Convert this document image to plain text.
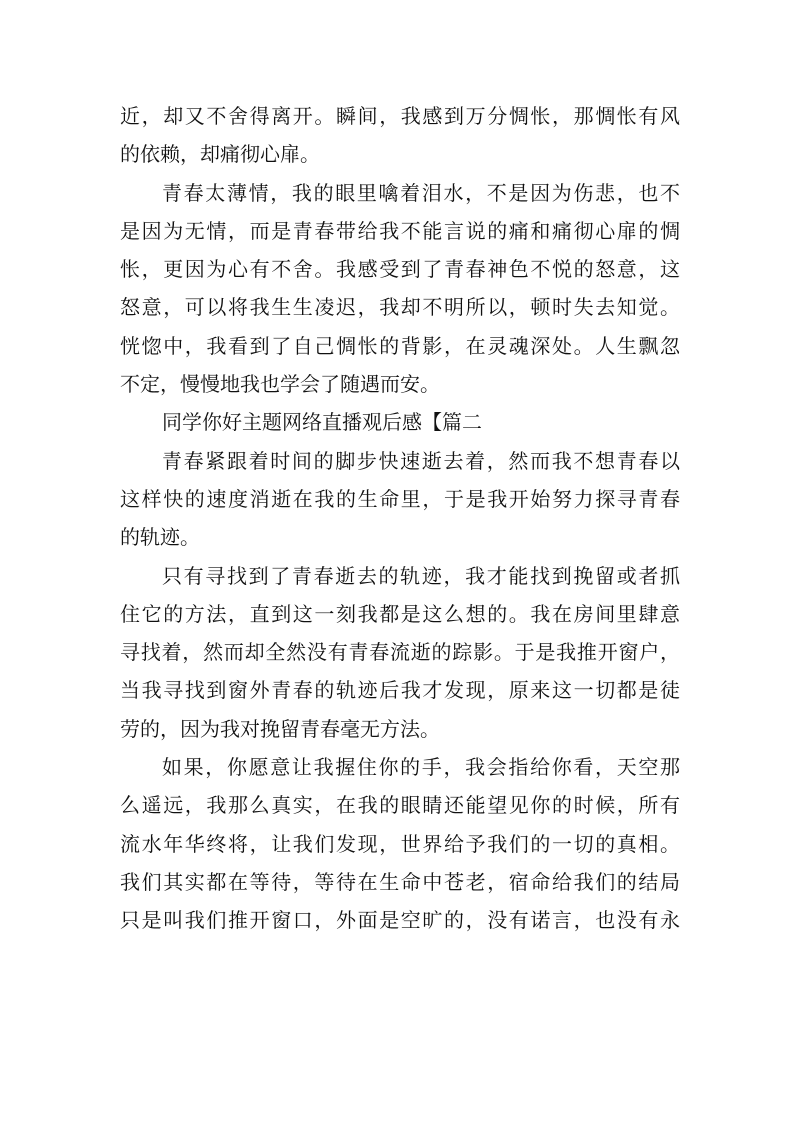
近，却又不舍得离开。瞬间，我感到万分惆怅，那惆怅有风
的依赖，却痛彻心扉。
青春太薄情，我的眼里噙着泪水，不是因为伤悲，也不
是因为无情，而是青春带给我不能言说的痛和痛彻心扉的惆
怅，更因为心有不舍。我感受到了青春神色不悦的怒意，这
怒意，可以将我生生凌迟，我却不明所以，顿时失去知觉。
恍惚中，我看到了自己惆怅的背影，在灵魂深处。人生飘忽
不定，慢慢地我也学会了随遇而安。
同学你好主题网络直播观后感【篇二
青春紧跟着时间的脚步快速逝去着，然而我不想青春以
这样快的速度消逝在我的生命里，于是我开始努力探寻青春
的轨迹。
只有寻找到了青春逝去的轨迹，我才能找到挽留或者抓
住它的方法，直到这一刻我都是这么想的。我在房间里肆意
寻找着，然而却全然没有青春流逝的踪影。于是我推开窗户，
当我寻找到窗外青春的轨迹后我才发现，原来这一切都是徒
劳的，因为我对挽留青春毫无方法。
如果，你愿意让我握住你的手，我会指给你看，天空那
么遥远，我那么真实，在我的眼睛还能望见你的时候，所有
流水年华终将，让我们发现，世界给予我们的一切的真相。
我们其实都在等待，等待在生命中苍老，宿命给我们的结局
只是叫我们推开窗口，外面是空旷的，没有诺言，也没有永
